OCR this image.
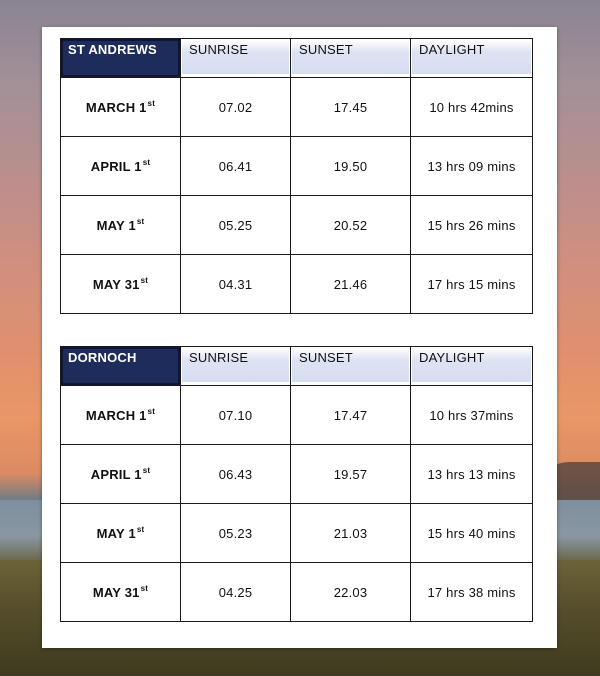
ST ANDREWS	SUNRISE	SUNSET	DAYLIGHT

MARCH 1st	07.02	17.45	10 hrs 42mins
APRIL 1st	06.41	19.50	13 hrs 09 mins
MAY 1st	05.25	20.52	15 hrs 26 mins
MAY 31st	04.31	21.46	17 hrs 15 mins
DORNOCH	SUNRISE	SUNSET	DAYLIGHT

MARCH 1st	07.10	17.47	10 hrs 37mins
APRIL 1st	06.43	19.57	13 hrs 13 mins
MAY 1st	05.23	21.03	15 hrs 40 mins
MAY 31st	04.25	22.03	17 hrs 38 mins
